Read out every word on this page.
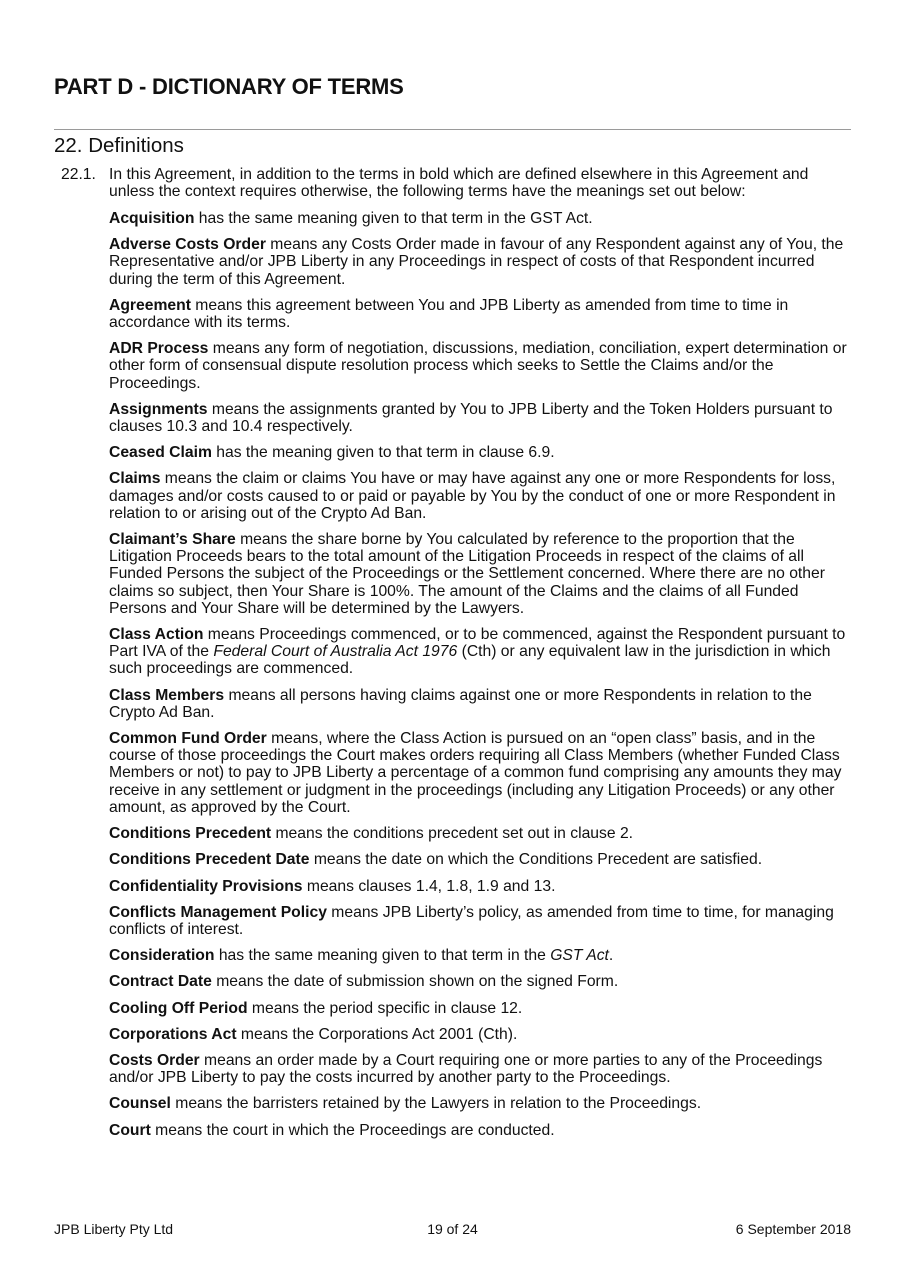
PART D - DICTIONARY OF TERMS
22. Definitions
22.1. In this Agreement, in addition to the terms in bold which are defined elsewhere in this Agreement and unless the context requires otherwise, the following terms have the meanings set out below:

Acquisition has the same meaning given to that term in the GST Act.

Adverse Costs Order means any Costs Order made in favour of any Respondent against any of You, the Representative and/or JPB Liberty in any Proceedings in respect of costs of that Respondent incurred during the term of this Agreement.

Agreement means this agreement between You and JPB Liberty as amended from time to time in accordance with its terms.

ADR Process means any form of negotiation, discussions, mediation, conciliation, expert determination or other form of consensual dispute resolution process which seeks to Settle the Claims and/or the Proceedings.

Assignments means the assignments granted by You to JPB Liberty and the Token Holders pursuant to clauses 10.3 and 10.4 respectively.

Ceased Claim has the meaning given to that term in clause 6.9.

Claims means the claim or claims You have or may have against any one or more Respondents for loss, damages and/or costs caused to or paid or payable by You by the conduct of one or more Respondent in relation to or arising out of the Crypto Ad Ban.

Claimant’s Share means the share borne by You calculated by reference to the proportion that the Litigation Proceeds bears to the total amount of the Litigation Proceeds in respect of the claims of all Funded Persons the subject of the Proceedings or the Settlement concerned. Where there are no other claims so subject, then Your Share is 100%. The amount of the Claims and the claims of all Funded Persons and Your Share will be determined by the Lawyers.

Class Action means Proceedings commenced, or to be commenced, against the Respondent pursuant to Part IVA of the Federal Court of Australia Act 1976 (Cth) or any equivalent law in the jurisdiction in which such proceedings are commenced.

Class Members means all persons having claims against one or more Respondents in relation to the Crypto Ad Ban.

Common Fund Order means, where the Class Action is pursued on an “open class” basis, and in the course of those proceedings the Court makes orders requiring all Class Members (whether Funded Class Members or not) to pay to JPB Liberty a percentage of a common fund comprising any amounts they may receive in any settlement or judgment in the proceedings (including any Litigation Proceeds) or any other amount, as approved by the Court.

Conditions Precedent means the conditions precedent set out in clause 2.

Conditions Precedent Date means the date on which the Conditions Precedent are satisfied.

Confidentiality Provisions means clauses 1.4, 1.8, 1.9 and 13.

Conflicts Management Policy means JPB Liberty’s policy, as amended from time to time, for managing conflicts of interest.

Consideration has the same meaning given to that term in the GST Act.

Contract Date means the date of submission shown on the signed Form.

Cooling Off Period means the period specific in clause 12.

Corporations Act means the Corporations Act 2001 (Cth).

Costs Order means an order made by a Court requiring one or more parties to any of the Proceedings and/or JPB Liberty to pay the costs incurred by another party to the Proceedings.

Counsel means the barristers retained by the Lawyers in relation to the Proceedings.

Court means the court in which the Proceedings are conducted.

JPB Liberty Pty Ltd	19 of 24	6 September 2018
